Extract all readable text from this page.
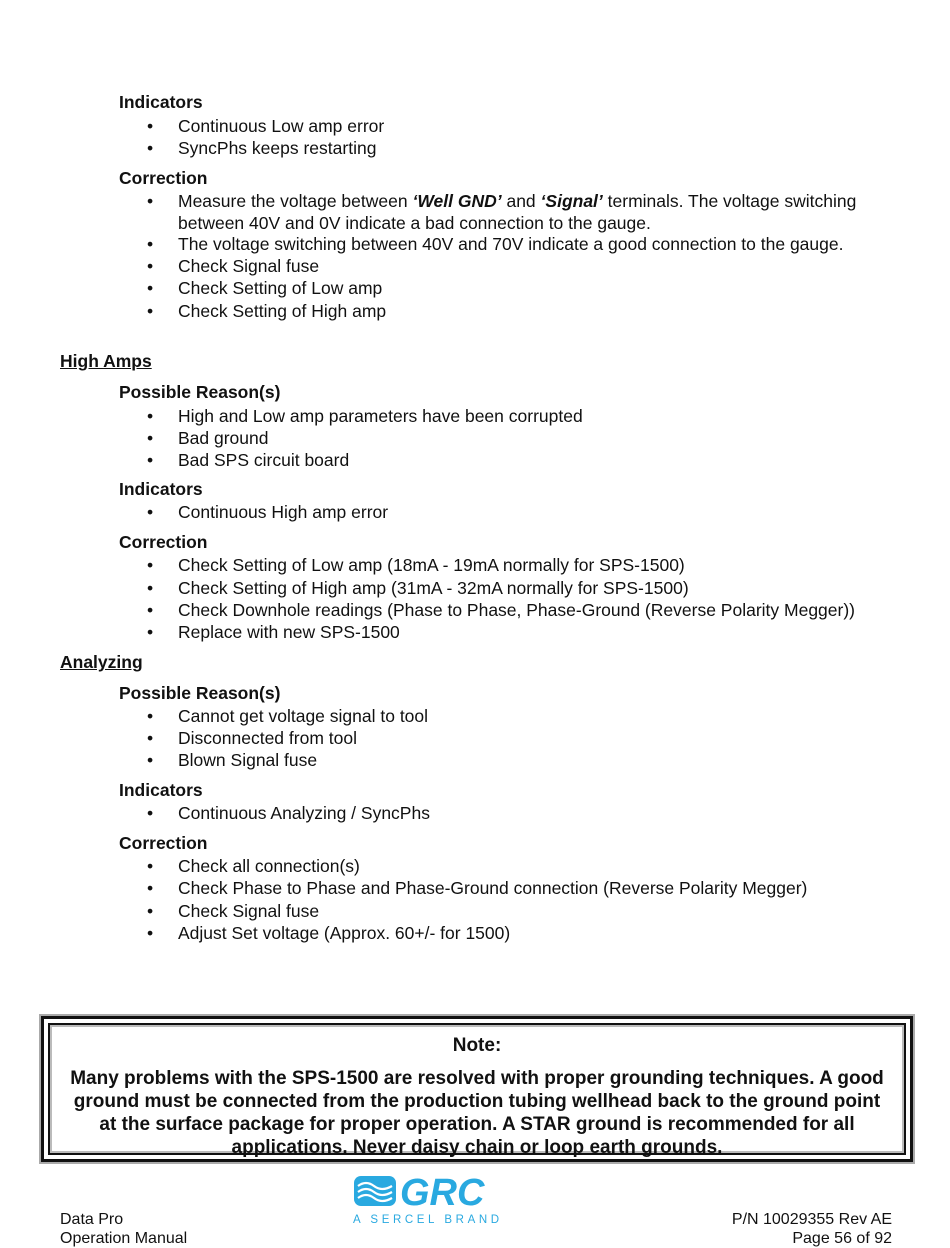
Indicators
• Continuous Low amp error
• SyncPhs keeps restarting
Correction
• Measure the voltage between ‘Well GND’ and ‘Signal’ terminals. The voltage switching between 40V and 0V indicate a bad connection to the gauge.
• The voltage switching between 40V and 70V indicate a good connection to the gauge.
• Check Signal fuse
• Check Setting of Low amp
• Check Setting of High amp
High Amps
Possible Reason(s)
• High and Low amp parameters have been corrupted
• Bad ground
• Bad SPS circuit board
Indicators
• Continuous High amp error
Correction
• Check Setting of Low amp (18mA - 19mA normally for SPS-1500)
• Check Setting of High amp (31mA - 32mA normally for SPS-1500)
• Check Downhole readings (Phase to Phase, Phase-Ground (Reverse Polarity Megger))
• Replace with new SPS-1500
Analyzing
Possible Reason(s)
• Cannot get voltage signal to tool
• Disconnected from tool
• Blown Signal fuse
Indicators
• Continuous Analyzing / SyncPhs
Correction
• Check all connection(s)
• Check Phase to Phase and Phase-Ground connection (Reverse Polarity Megger)
• Check Signal fuse
• Adjust Set voltage (Approx. 60+/- for 1500)
Note:
Many problems with the SPS-1500 are resolved with proper grounding techniques. A good ground must be connected from the production tubing wellhead back to the ground point at the surface package for proper operation. A STAR ground is recommended for all applications. Never daisy chain or loop earth grounds.
Data Pro
Operation Manual
GRC
A SERCEL BRAND	P/N 10029355 Rev AE
Page 56 of 92
